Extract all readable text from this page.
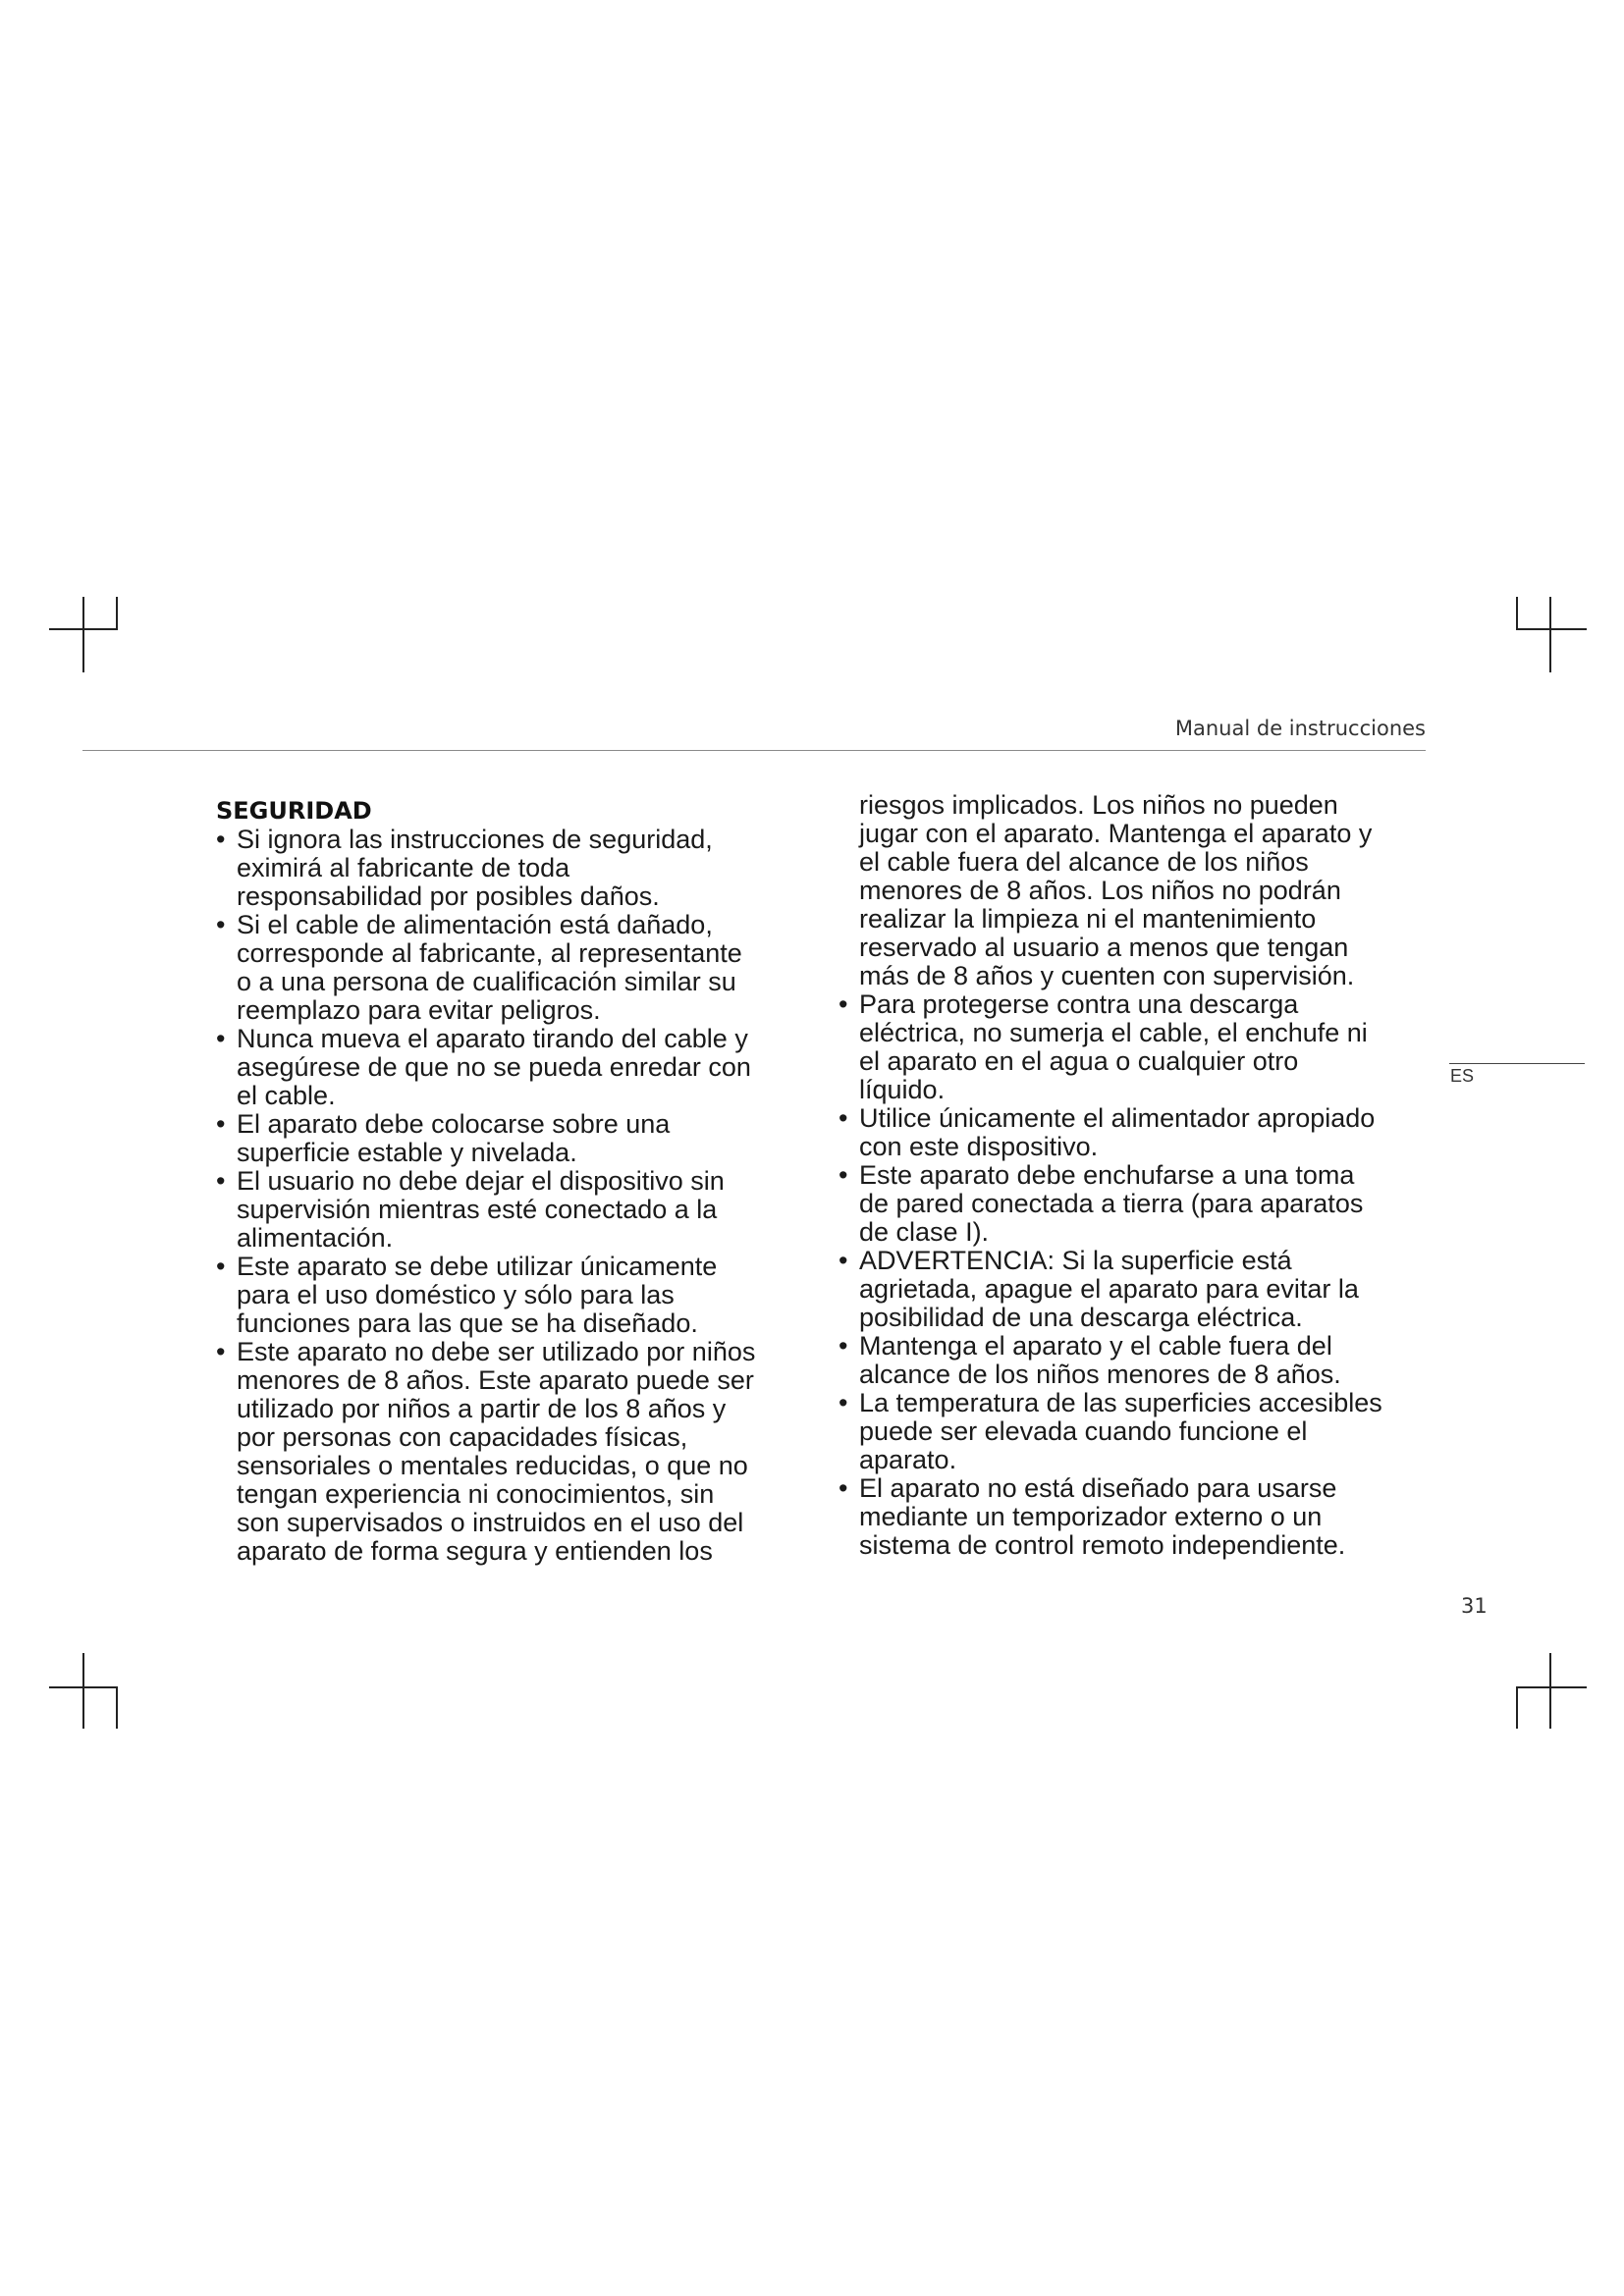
Manual de instrucciones
ES
SEGURIDAD
• Si ignora las instrucciones de seguridad,
eximirá al fabricante de toda
responsabilidad por posibles daños.
• Si el cable de alimentación está dañado,
corresponde al fabricante, al representante
o a una persona de cualificación similar su
reemplazo para evitar peligros.
• Nunca mueva el aparato tirando del cable y
asegúrese de que no se pueda enredar con
el cable.
• El aparato debe colocarse sobre una
superficie estable y nivelada.
• El usuario no debe dejar el dispositivo sin
supervisión mientras esté conectado a la
alimentación.
• Este aparato se debe utilizar únicamente
para el uso doméstico y sólo para las
funciones para las que se ha diseñado.
• Este aparato no debe ser utilizado por niños
menores de 8 años. Este aparato puede ser
utilizado por niños a partir de los 8 años y
por personas con capacidades físicas,
sensoriales o mentales reducidas, o que no
tengan experiencia ni conocimientos, sin
son supervisados o instruidos en el uso del
aparato de forma segura y entienden los
riesgos implicados. Los niños no pueden
jugar con el aparato. Mantenga el aparato y
el cable fuera del alcance de los niños
menores de 8 años. Los niños no podrán
realizar la limpieza ni el mantenimiento
reservado al usuario a menos que tengan
más de 8 años y cuenten con supervisión.
• Para protegerse contra una descarga
eléctrica, no sumerja el cable, el enchufe ni
el aparato en el agua o cualquier otro
líquido.
• Utilice únicamente el alimentador apropiado
con este dispositivo.
• Este aparato debe enchufarse a una toma
de pared conectada a tierra (para aparatos
de clase I).
• ADVERTENCIA: Si la superficie está
agrietada, apague el aparato para evitar la
posibilidad de una descarga eléctrica.
• Mantenga el aparato y el cable fuera del
alcance de los niños menores de 8 años.
• La temperatura de las superficies accesibles
puede ser elevada cuando funcione el
aparato.
• El aparato no está diseñado para usarse
mediante un temporizador externo o un
sistema de control remoto independiente.
31
